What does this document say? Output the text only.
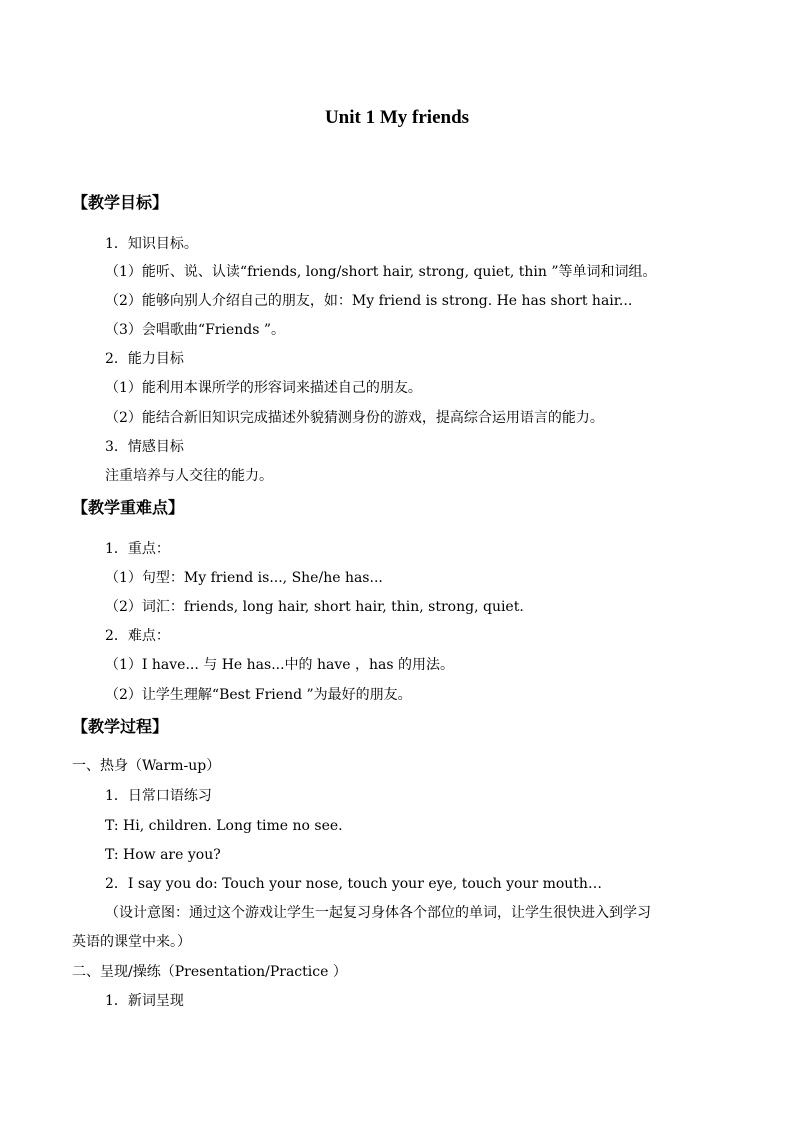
Unit 1 My friends
【教学目标】
1．知识目标。
（1）能听、说、认读“friends, long/short hair, strong, quiet, thin ”等单词和词组。
（2）能够向别人介绍自己的朋友，如：My friend is strong. He has short hair...
（3）会唱歌曲“Friends ”。
2．能力目标
（1）能利用本课所学的形容词来描述自己的朋友。
（2）能结合新旧知识完成描述外貌猜测身份的游戏，提高综合运用语言的能力。
3．情感目标
注重培养与人交往的能力。
【教学重难点】
1．重点：
（1）句型：My friend is..., She/he has...
（2）词汇：friends, long hair, short hair, thin, strong, quiet.
2．难点：
（1）I have... 与 He has...中的 have ，has 的用法。
（2）让学生理解“Best Friend ”为最好的朋友。
【教学过程】
一、热身（Warm-up）
1．日常口语练习
T: Hi, children. Long time no see.
T: How are you?
2．I say you do: Touch your nose, touch your eye, touch your mouth…
（设计意图：通过这个游戏让学生一起复习身体各个部位的单词，让学生很快进入到学习
英语的课堂中来。）
二、呈现/操练（Presentation/Practice ）
1．新词呈现
